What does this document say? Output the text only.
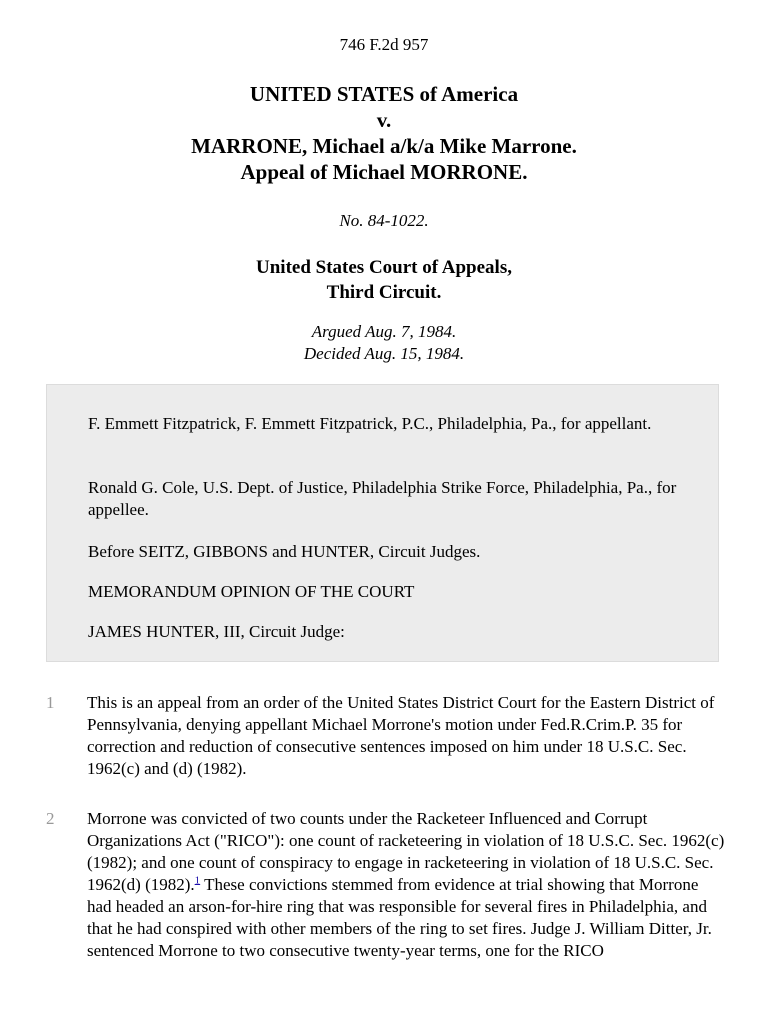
746 F.2d 957
UNITED STATES of America
v.
MARRONE, Michael a/k/a Mike Marrone.
Appeal of Michael MORRONE.
No. 84-1022.
United States Court of Appeals,
Third Circuit.
Argued Aug. 7, 1984.
Decided Aug. 15, 1984.

F. Emmett Fitzpatrick, F. Emmett Fitzpatrick, P.C., Philadelphia, Pa., for appellant.

Ronald G. Cole, U.S. Dept. of Justice, Philadelphia Strike Force, Philadelphia, Pa., for appellee.

Before SEITZ, GIBBONS and HUNTER, Circuit Judges.

MEMORANDUM OPINION OF THE COURT

JAMES HUNTER, III, Circuit Judge:

1 This is an appeal from an order of the United States District Court for the Eastern District of Pennsylvania, denying appellant Michael Morrone's motion under Fed.R.Crim.P. 35 for correction and reduction of consecutive sentences imposed on him under 18 U.S.C. Sec. 1962(c) and (d) (1982).

2 Morrone was convicted of two counts under the Racketeer Influenced and Corrupt Organizations Act ("RICO"): one count of racketeering in violation of 18 U.S.C. Sec. 1962(c) (1982); and one count of conspiracy to engage in racketeering in violation of 18 U.S.C. Sec. 1962(d) (1982).$^1$ These convictions stemmed from evidence at trial showing that Morrone had headed an arson-for-hire ring that was responsible for several fires in Philadelphia, and that he had conspired with other members of the ring to set fires. Judge J. William Ditter, Jr. sentenced Morrone to two consecutive twenty-year terms, one for the RICO
